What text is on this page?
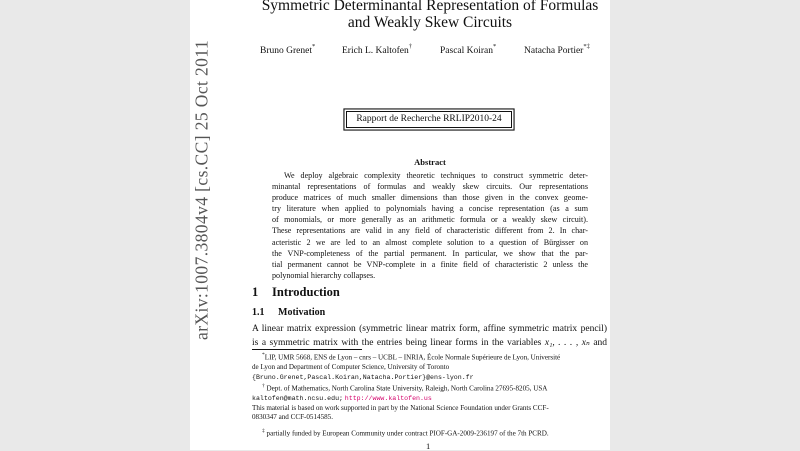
arXiv:1007.3804v4 [cs.CC] 25 Oct 2011
Symmetric Determinantal Representation of Formulas
and Weakly Skew Circuits
Bruno Grenet*	Erich L. Kaltofen†	Pascal Koiran*	Natacha Portier*‡
Rapport de Recherche RRLIP2010-24
Abstract
We deploy algebraic complexity theoretic techniques to construct symmetric deter-
minantal representations of formulas and weakly skew circuits. Our representations
produce matrices of much smaller dimensions than those given in the convex geome-
try literature when applied to polynomials having a concise representation (as a sum
of monomials, or more generally as an arithmetic formula or a weakly skew circuit).
These representations are valid in any field of characteristic different from 2. In char-
acteristic 2 we are led to an almost complete solution to a question of Bürgisser on
the VNP-completeness of the partial permanent. In particular, we show that the par-
tial permanent cannot be VNP-complete in a finite field of characteristic 2 unless the
polynomial hierarchy collapses.
1 Introduction
1.1 Motivation
A linear matrix expression (symmetric linear matrix form, affine symmetric matrix pencil)
is a symmetric matrix with the entries being linear forms in the variables x₁, . . . , xₙ and
*LIP, UMR 5668, ENS de Lyon – cnrs – UCBL – INRIA, École Normale Supérieure de Lyon, Université
de Lyon and Department of Computer Science, University of Toronto
{Bruno.Grenet,Pascal.Koiran,Natacha.Portier}@ens-lyon.fr
† Dept. of Mathematics, North Carolina State University, Raleigh, North Carolina 27695-8205, USA
kaltofen@math.ncsu.edu; http://www.kaltofen.us
This material is based on work supported in part by the National Science Foundation under Grants CCF-
0830347 and CCF-0514585.
‡ partially funded by European Community under contract PIOF-GA-2009-236197 of the 7th PCRD.
1
